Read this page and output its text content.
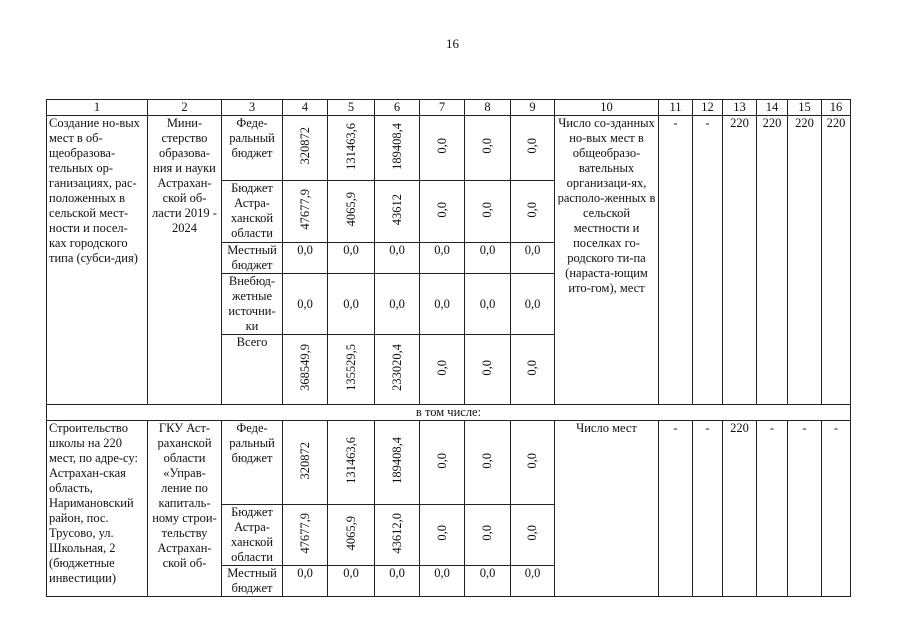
16
1	2	3	4	5	6	7	8	9	10	11	12	13	14	15	16
Создание но-вых мест в об-щеобразова-тельных ор-ганизациях, рас-положенных в сельской мест-ности и посел-ках городского типа (субси-дия)	Мини-стерство образова-ния и науки Астрахан-ской об-ласти 2019 - 2024	Феде-ральный бюджет	320872	131463,6	189408,4	0,0	0,0	0,0	Число со-зданных но-вых мест в общеобразо-вательных организаци-ях, располо-женных в сельской местности и поселках го-родского ти-па (нараста-ющим ито-гом), мест	-	-	220	220	220	220
		Бюджет Астра-ханской области	47677,9	4065,9	43612	0,0	0,0	0,0							
		Местный бюджет	0,0	0,0	0,0	0,0	0,0	0,0							
		Внебюд-жетные источни-ки	0,0	0,0	0,0	0,0	0,0	0,0							
		Всего	368549,9	135529,5	233020,4	0,0	0,0	0,0							
в том числе:															
Строительство школы на 220 мест, по адре-су: Астрахан-ская область, Наримановский район, пос. Трусово, ул. Школьная, 2 (бюджетные инвестиции)	ГКУ Аст-раханской области «Управ-ление по капиталь-ному строи-тельству Астрахан-ской об-	Феде-ральный бюджет	320872	131463,6	189408,4	0,0	0,0	0,0	Число мест	-	-	220	-	-	-
		Бюджет Астра-ханской области	47677,9	4065,9	43612,0	0,0	0,0	0,0							
		Местный бюджет	0,0	0,0	0,0	0,0	0,0	0,0							
